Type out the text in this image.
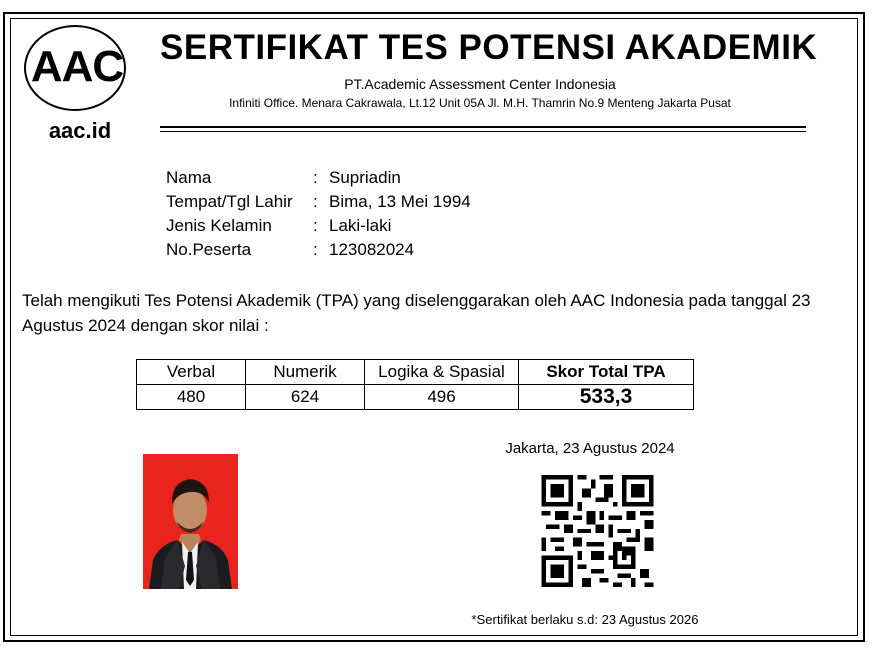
AAC
aac.id
SERTIFIKAT TES POTENSI AKADEMIK
PT.Academic Assessment Center Indonesia
Infiniti Office. Menara Cakrawala, Lt.12 Unit 05A Jl. M.H. Thamrin No.9 Menteng Jakarta Pusat
Nama	: Supriadin
Tempat/Tgl Lahir	: Bima, 13 Mei 1994
Jenis Kelamin	: Laki-laki
No.Peserta	: 123082024
Telah mengikuti Tes Potensi Akademik (TPA) yang diselenggarakan oleh AAC Indonesia pada tanggal 23 Agustus 2024 dengan skor nilai :
Verbal	Numerik	Logika & Spasial	Skor Total TPA
480	624	496	533,3
Jakarta, 23 Agustus 2024
*Sertifikat berlaku s.d: 23 Agustus 2026
